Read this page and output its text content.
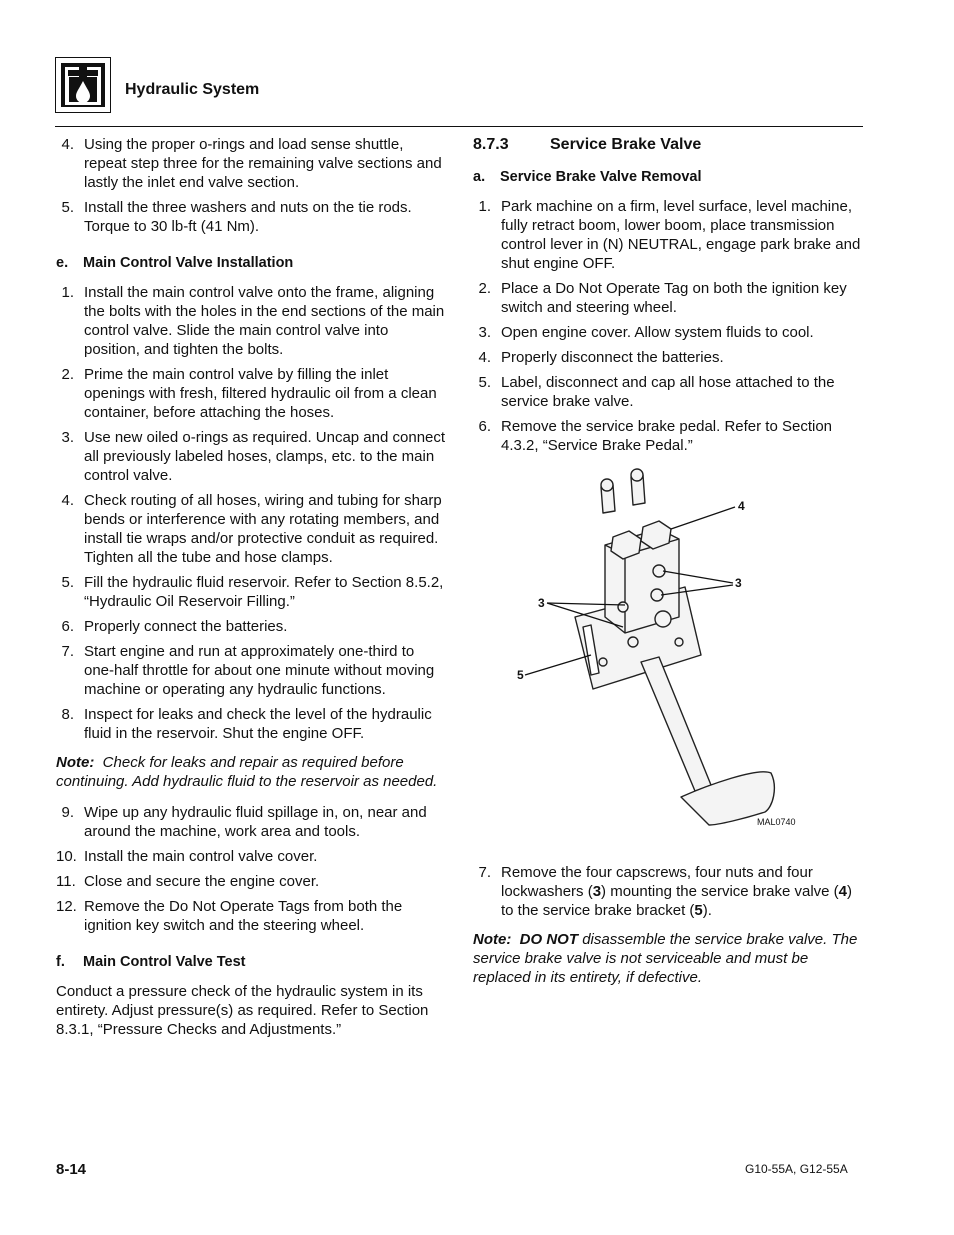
Hydraulic System
4. Using the proper o-rings and load sense shuttle, repeat step three for the remaining valve sections and lastly the inlet end valve section.
5. Install the three washers and nuts on the tie rods. Torque to 30 lb-ft (41 Nm).
e. Main Control Valve Installation
1. Install the main control valve onto the frame, aligning the bolts with the holes in the end sections of the main control valve. Slide the main control valve into position, and tighten the bolts.
2. Prime the main control valve by filling the inlet openings with fresh, filtered hydraulic oil from a clean container, before attaching the hoses.
3. Use new oiled o-rings as required. Uncap and connect all previously labeled hoses, clamps, etc. to the main control valve.
4. Check routing of all hoses, wiring and tubing for sharp bends or interference with any rotating members, and install tie wraps and/or protective conduit as required. Tighten all the tube and hose clamps.
5. Fill the hydraulic fluid reservoir. Refer to Section 8.5.2, “Hydraulic Oil Reservoir Filling.”
6. Properly connect the batteries.
7. Start engine and run at approximately one-third to one-half throttle for about one minute without moving machine or operating any hydraulic functions.
8. Inspect for leaks and check the level of the hydraulic fluid in the reservoir. Shut the engine OFF.
Note: Check for leaks and repair as required before continuing. Add hydraulic fluid to the reservoir as needed.
9. Wipe up any hydraulic fluid spillage in, on, near and around the machine, work area and tools.
10. Install the main control valve cover.
11. Close and secure the engine cover.
12. Remove the Do Not Operate Tags from both the ignition key switch and the steering wheel.
f. Main Control Valve Test

Conduct a pressure check of the hydraulic system in its entirety. Adjust pressure(s) as required. Refer to Section 8.3.1, “Pressure Checks and Adjustments.”

8.7.3	Service Brake Valve
a. Service Brake Valve Removal
1. Park machine on a firm, level surface, level machine, fully retract boom, lower boom, place transmission control lever in (N) NEUTRAL, engage park brake and shut engine OFF.
2. Place a Do Not Operate Tag on both the ignition key switch and steering wheel.
3. Open engine cover. Allow system fluids to cool.
4. Properly disconnect the batteries.
5. Label, disconnect and cap all hose attached to the service brake valve.
6. Remove the service brake pedal. Refer to Section 4.3.2, “Service Brake Pedal.”
4
3
3
5
MAL0740
7. Remove the four capscrews, four nuts and four lockwashers (3) mounting the service brake valve (4) to the service brake bracket (5).
Note: DO NOT disassemble the service brake valve. The service brake valve is not serviceable and must be replaced in its entirety, if defective.
8-14	G10-55A, G12-55A
